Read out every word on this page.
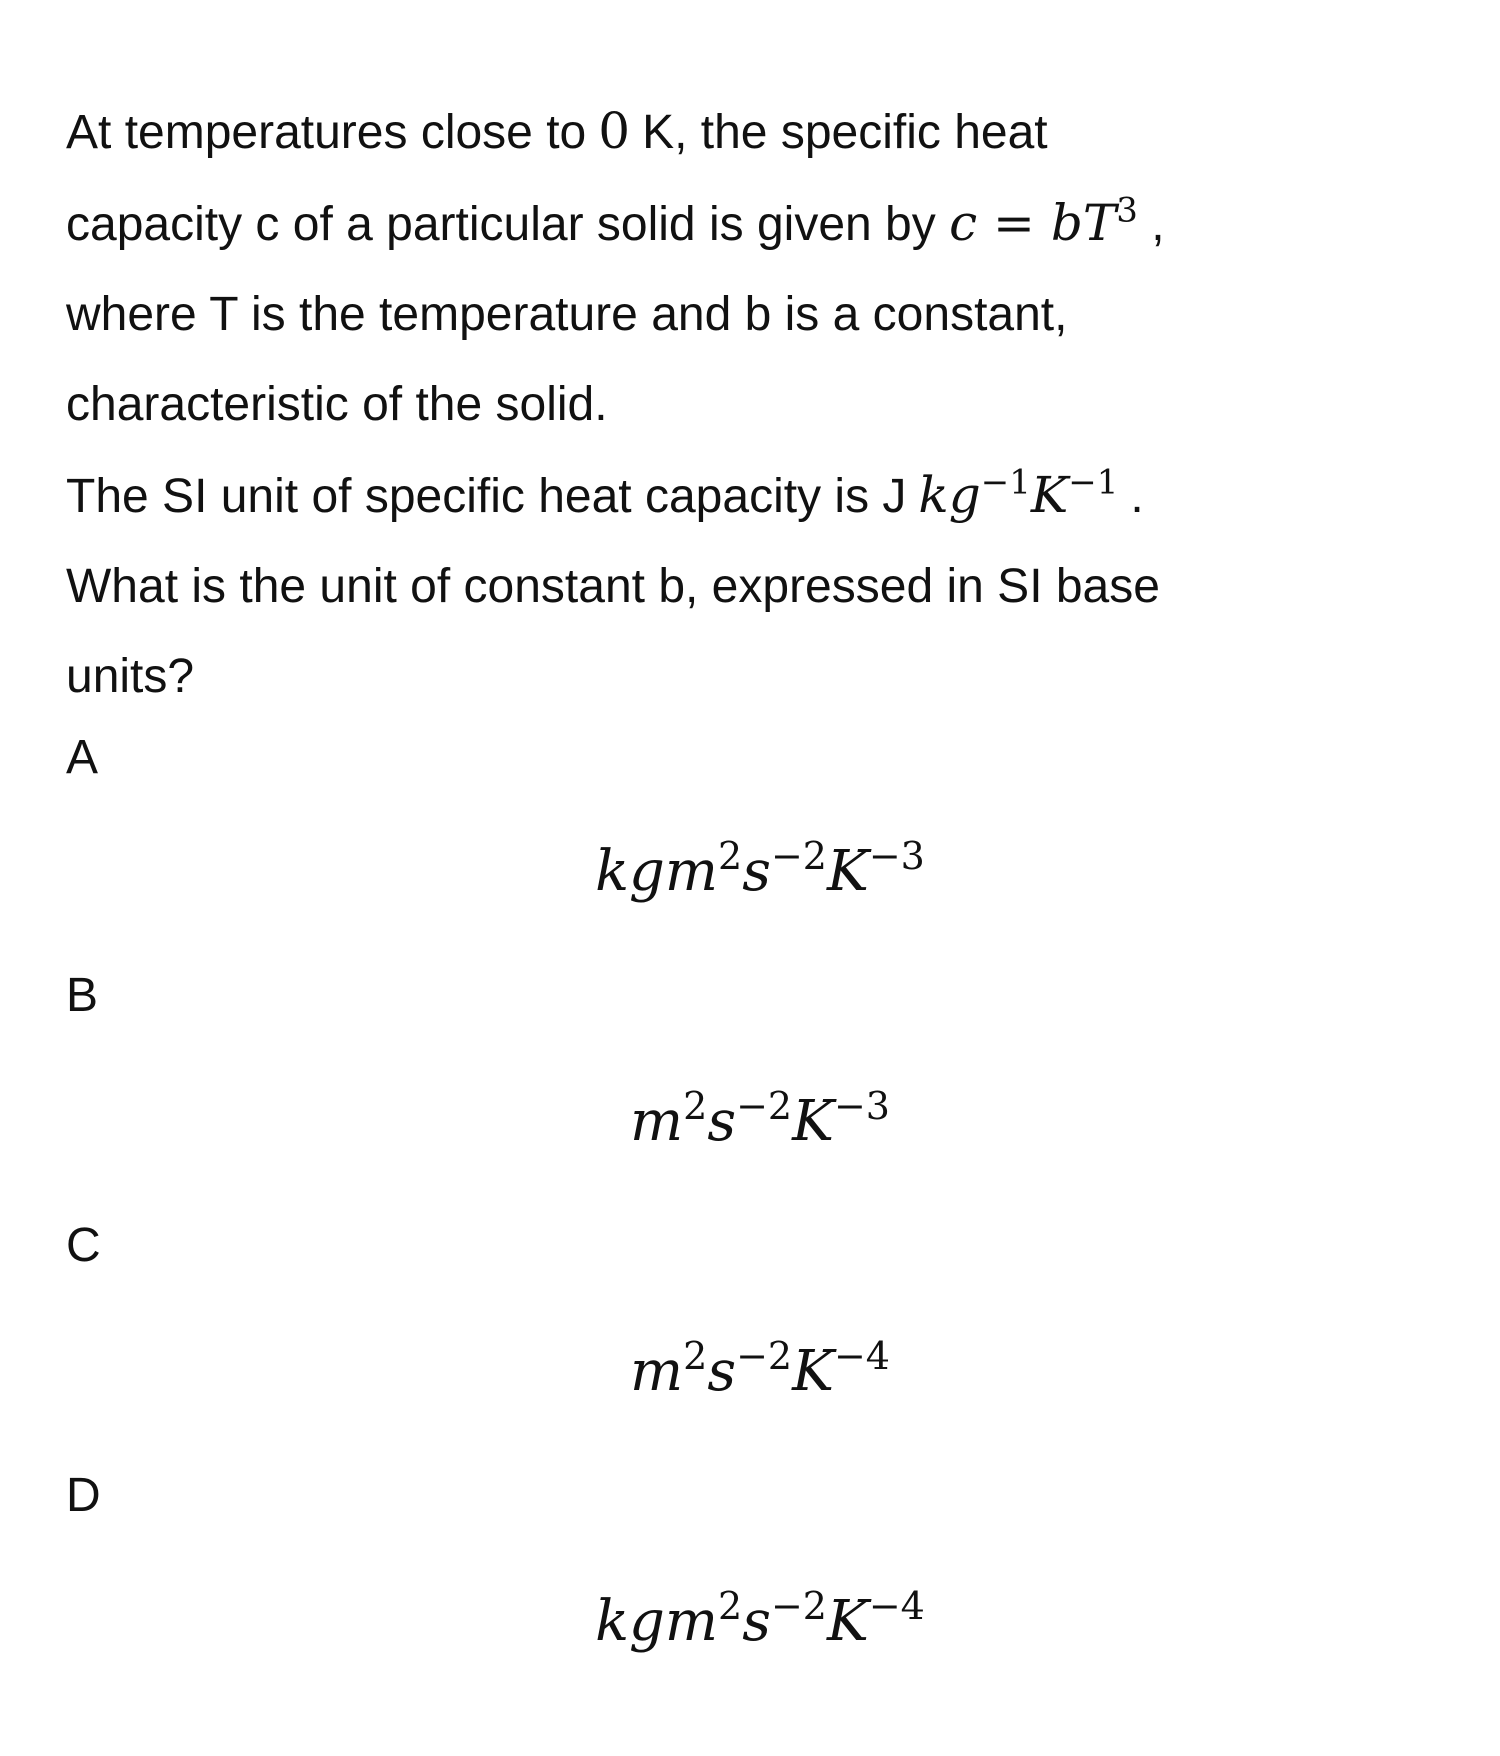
At temperatures close to 0 K, the specific heat
capacity c of a particular solid is given by $c = bT^3$ ,
where T is the temperature and b is a constant,
characteristic of the solid.
The SI unit of specific heat capacity is J $kg^{-1}K^{-1}$ .
What is the unit of constant b, expressed in SI base
units?
A
$kgm^2s^{-2}K^{-3}$
B
$m^2s^{-2}K^{-3}$
C
$m^2s^{-2}K^{-4}$
D
$kgm^2s^{-2}K^{-4}$
